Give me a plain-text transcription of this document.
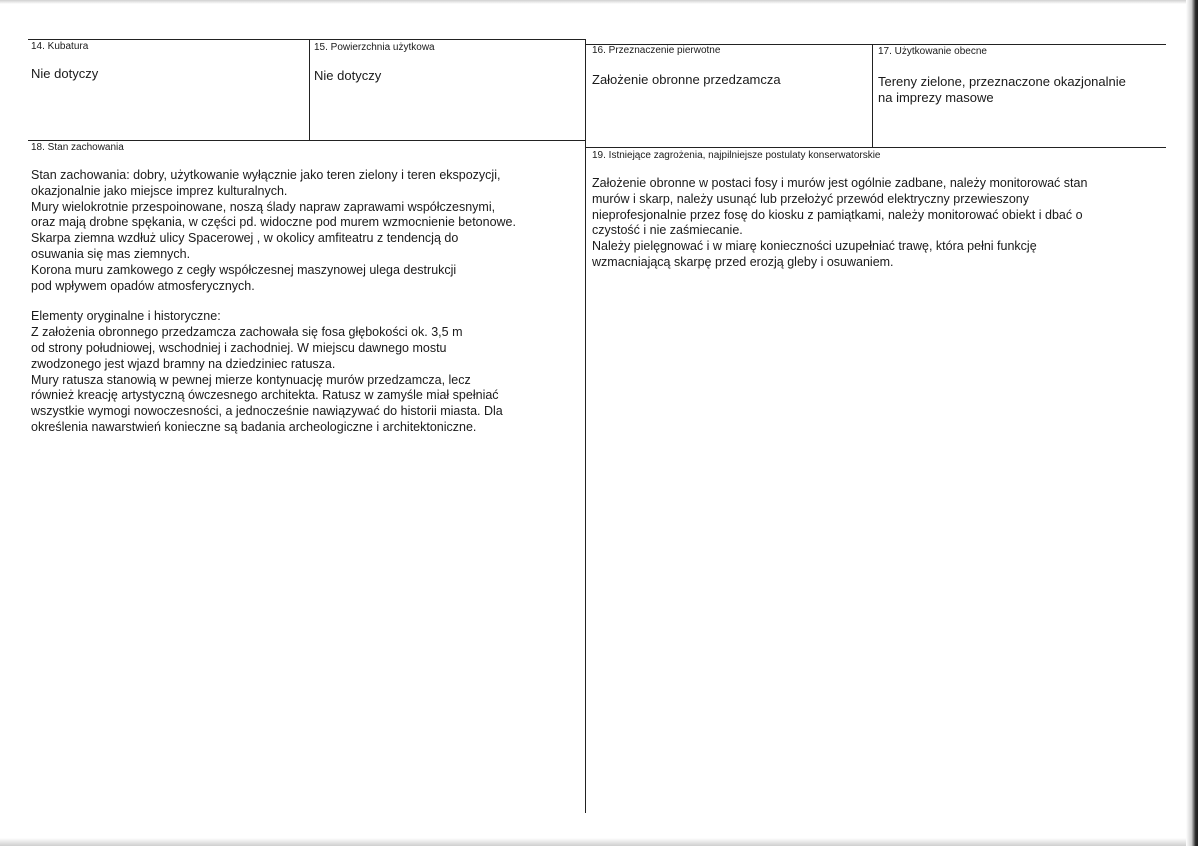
14. Kubatura
Nie dotyczy
15. Powierzchnia użytkowa
Nie dotyczy
16. Przeznaczenie pierwotne
Założenie obronne przedzamcza
17. Użytkowanie obecne
Tereny zielone, przeznaczone okazjonalnie
na imprezy masowe
18. Stan zachowania

Stan zachowania: dobry, użytkowanie wyłącznie jako teren zielony i teren ekspozycji,
okazjonalnie jako miejsce imprez kulturalnych.
Mury wielokrotnie przespoinowane, noszą ślady napraw zaprawami współczesnymi,
oraz mają drobne spękania, w części pd. widoczne pod murem wzmocnienie betonowe.
Skarpa ziemna wzdłuż ulicy Spacerowej , w okolicy amfiteatru z tendencją do
osuwania się mas ziemnych.
Korona muru zamkowego z cegły współczesnej maszynowej ulega destrukcji
pod wpływem opadów atmosferycznych.

Elementy oryginalne i historyczne:
Z założenia obronnego przedzamcza zachowała się fosa głębokości ok. 3,5 m
od strony południowej, wschodniej i zachodniej. W miejscu dawnego mostu
zwodzonego jest wjazd bramny na dziedziniec ratusza.
Mury ratusza stanowią w pewnej mierze kontynuację murów przedzamcza, lecz
również kreację artystyczną ówczesnego architekta. Ratusz w zamyśle miał spełniać
wszystkie wymogi nowoczesności, a jednocześnie nawiązywać do historii miasta. Dla
określenia nawarstwień konieczne są badania archeologiczne i architektoniczne.

19. Istniejące zagrożenia, najpilniejsze postulaty konserwatorskie

Założenie obronne w postaci fosy i murów jest ogólnie zadbane, należy monitorować stan
murów i skarp, należy usunąć lub przełożyć przewód elektryczny przewieszony
nieprofesjonalnie przez fosę do kiosku z pamiątkami, należy monitorować obiekt i dbać o
czystość i nie zaśmiecanie.
Należy pielęgnować i w miarę konieczności uzupełniać trawę, która pełni funkcję
wzmacniającą skarpę przed erozją gleby i osuwaniem.
